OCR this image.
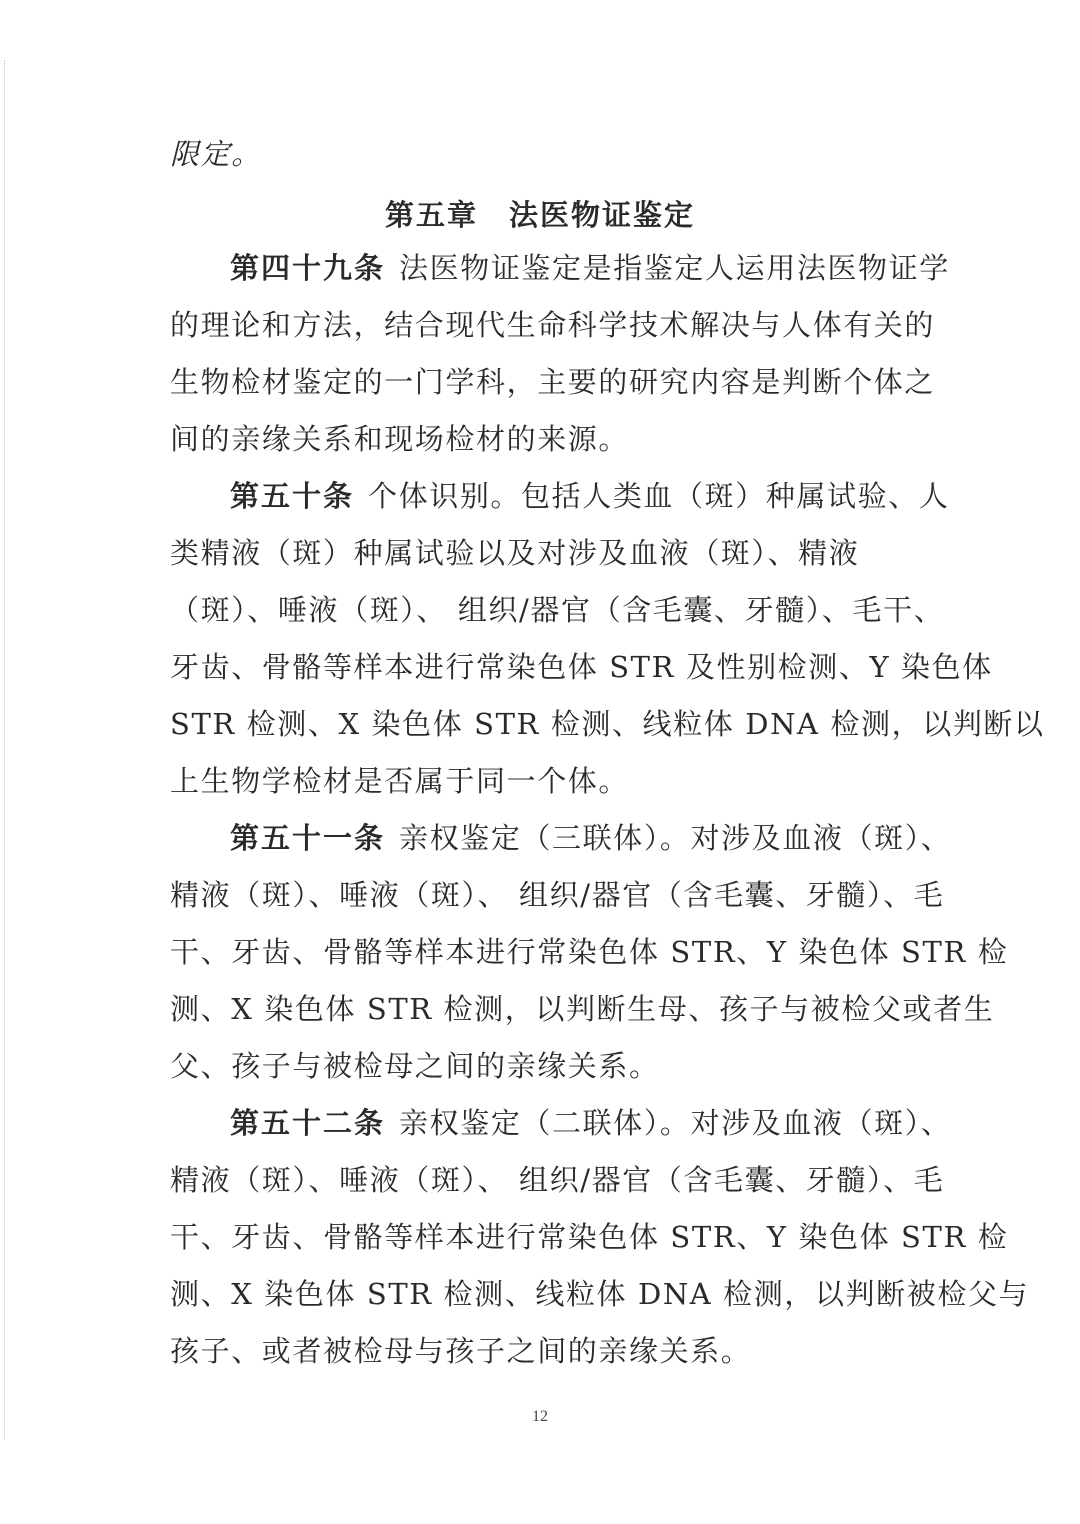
限定。
第五章　法医物证鉴定
第四十九条 法医物证鉴定是指鉴定人运用法医物证学
的理论和方法，结合现代生命科学技术解决与人体有关的
生物检材鉴定的一门学科，主要的研究内容是判断个体之
间的亲缘关系和现场检材的来源。
第五十条 个体识别。包括人类血（斑）种属试验、人
类精液（斑）种属试验以及对涉及血液（斑）、精液
（斑）、唾液（斑）、 组织/器官（含毛囊、牙髓）、毛干、
牙齿、骨骼等样本进行常染色体 STR 及性别检测、Y 染色体
STR 检测、X 染色体 STR 检测、线粒体 DNA 检测，以判断以
上生物学检材是否属于同一个体。
第五十一条 亲权鉴定（三联体）。对涉及血液（斑）、
精液（斑）、唾液（斑）、 组织/器官（含毛囊、牙髓）、毛
干、牙齿、骨骼等样本进行常染色体 STR、Y 染色体 STR 检
测、X 染色体 STR 检测，以判断生母、孩子与被检父或者生
父、孩子与被检母之间的亲缘关系。
第五十二条 亲权鉴定（二联体）。对涉及血液（斑）、
精液（斑）、唾液（斑）、 组织/器官（含毛囊、牙髓）、毛
干、牙齿、骨骼等样本进行常染色体 STR、Y 染色体 STR 检
测、X 染色体 STR 检测、线粒体 DNA 检测，以判断被检父与
孩子、或者被检母与孩子之间的亲缘关系。
12
